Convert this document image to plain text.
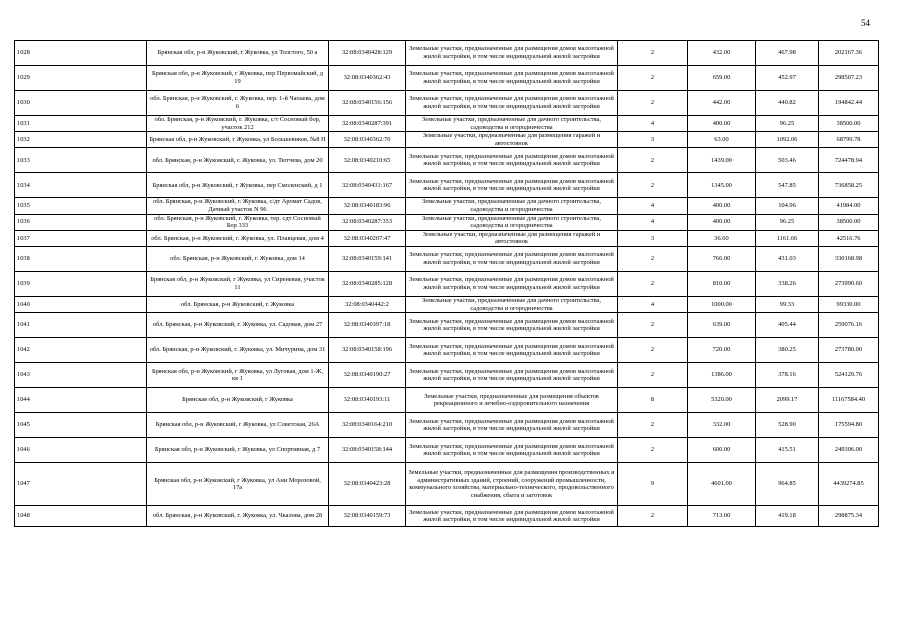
54
1028	Брянская обл, р-н Жуковский, г Жуковка, ул Толстого, 50 а	32:08:0340428:129	Земельные участки, предназначенные для размещения домов малоэтажной жилой застройки, в том числе индивидуальной жилой застройки	2	432.00	467.98	202167.36
1029	Брянская обл, р-н Жуковский, г Жуковка, пер Первомайский, д 19	32:08:0340362:43	Земельные участки, предназначенные для размещения домов малоэтажной жилой застройки, в том числе индивидуальной жилой застройки	2	659.00	452.97	298507.23
1030	обл. Брянская, р-н Жуковский, г. Жуковка, пер. 1-й Чапаева, дом 6	32:08:0340156:156	Земельные участки, предназначенные для размещения домов малоэтажной жилой застройки, в том числе индивидуальной жилой застройки	2	442.00	440.82	194842.44
1031	обл. Брянская, р-н Жуковский, г. Жуковка, с/т Сосновый бор, участок 212	32:08:0340287:391	Земельные участки, предназначенные для дачного строительства, садоводства и огородничества	4	400.00	96.25	38500.00
1032	Брянская обл, р-н Жуковский, г Жуковка, ул Большевиков, №8 Н	32:08:0340362:70	Земельные участки, предназначенные для размещения гаражей и автостоянок	3	63.00	1092.06	68799.78
1033	обл. Брянская, р-н Жуковский, г. Жуковка, ул. Тютчева, дом 20	32:08:0340210:65	Земельные участки, предназначенные для размещения домов малоэтажной жилой застройки, в том числе индивидуальной жилой застройки	2	1439.00	503.46	724478.94
1034	Брянская обл, р-н Жуковский, г Жуковка, пер Смоленский, д 1	32:08:0340431:167	Земельные участки, предназначенные для размещения домов малоэтажной жилой застройки, в том числе индивидуальной жилой застройки	2	1345.00	547.85	736858.25
1035	обл. Брянская, р-н Жуковский, г. Жуковка, с/дт Аромат Садов, Дачный участок N 96	32:08:0340183:96	Земельные участки, предназначенные для дачного строительства, садоводства и огородничества	4	400.00	104.96	41984.00
1036	обл. Брянская, р-н Жуковский, г. Жуковка, тер. сдт Сосновый Бор 333	32:08:0340287:353	Земельные участки, предназначенные для дачного строительства, садоводства и огородничества	4	400.00	96.25	38500.00
1037	обл. Брянская, р-н Жуковский, г. Жуковка, ул. Плавцевая, дом 4	32:08:0340207:47	Земельные участки, предназначенные для размещения гаражей и автостоянок	3	36.60	1161.66	42516.76
1038	обл. Брянская, р-н Жуковский, г. Жуковка, дом 14	32:08:0340159:141	Земельные участки, предназначенные для размещения домов малоэтажной жилой застройки, в том числе индивидуальной жилой застройки	2	766.00	431.03	330168.98
1039	Брянская обл, р-н Жуковский, г Жуковка, ул Сиреневая, участок 11	32:08:0340285:128	Земельные участки, предназначенные для размещения домов малоэтажной жилой застройки, в том числе индивидуальной жилой застройки	2	810.00	338.26	273990.60
1040	обл. Брянская, р-н Жуковский, г. Жуковка	32:08:0340442:2	Земельные участки, предназначенные для дачного строительства, садоводства и огородничества	4	1000.00	99.33	99330.00
1041	обл. Брянская, р-н Жуковский, г. Жуковка, ул. Садовая, дом 27	32:08:0340397:18	Земельные участки, предназначенные для размещения домов малоэтажной жилой застройки, в том числе индивидуальной жилой застройки	2	639.00	405.44	259076.16
1042	обл. Брянская, р-н Жуковский, г. Жуковка, ул. Мичурина, дом 31	32:08:0340158:196	Земельные участки, предназначенные для размещения домов малоэтажной жилой застройки, в том числе индивидуальной жилой застройки	2	720.00	380.25	273780.00
1043	Брянская обл, р-н Жуковский, г Жуковка, ул Луговая, дом 1-Ж, кв 1	32:08:0340190:27	Земельные участки, предназначенные для размещения домов малоэтажной жилой застройки, в том числе индивидуальной жилой застройки	2	1386.00	378.16	524129.76
1044	Брянская обл, р-н Жуковский, г Жуковка	32:08:0340193:11	Земельные участки, предназначенные для размещения объектов рекреационного и лечебно-оздоровительного назначения	8	5320.00	2099.17	11167584.40
1045	Брянская обл, р-н Жуковский, г Жуковка, ул Советская, 26А	32:08:0340164:210	Земельные участки, предназначенные для размещения домов малоэтажной жилой застройки, в том числе индивидуальной жилой застройки	2	332.00	528.90	175594.80
1046	Брянская обл, р-н Жуковский, г Жуковка, ул Спортивная, д 7	32:08:0340158:144	Земельные участки, предназначенные для размещения домов малоэтажной жилой застройки, в том числе индивидуальной жилой застройки	2	600.00	415.51	249306.00
1047	Брянская обл, р-н Жуковский, г Жуковка, ул Ани Морозовой, 17а	32:08:0340423:28	Земельные участки, предназначенные для размещения производственных и административных зданий, строений, сооружений промышленности, коммунального хозяйства, материально-технического, продовольственного снабжения, сбыта и заготовок	9	4601.00	964.85	4439274.85
1048	обл. Брянская, р-н Жуковский, г. Жуковка, ул. Чкалова, дом 28	32:08:0340159:73	Земельные участки, предназначенные для размещения домов малоэтажной жилой застройки, в том числе индивидуальной жилой застройки	2	713.00	419.18	298875.34
